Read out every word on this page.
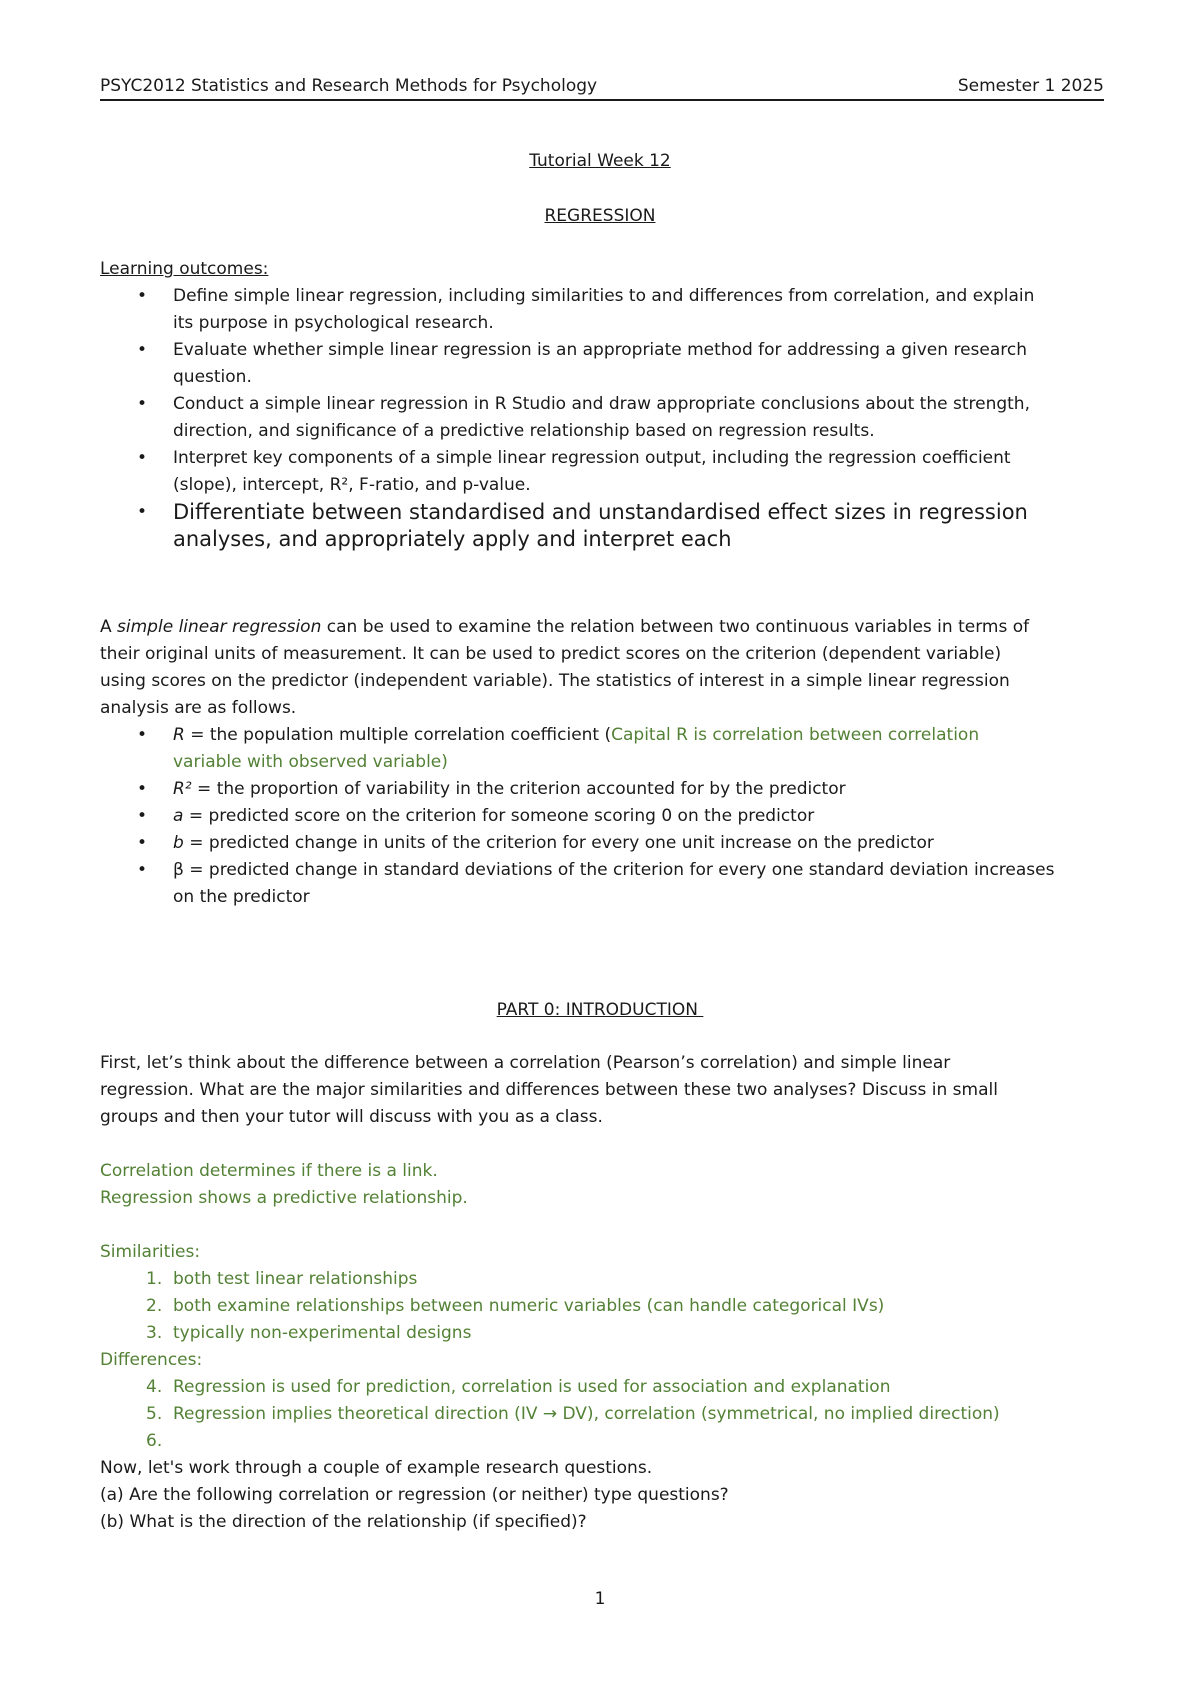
PSYC2012 Statistics and Research Methods for Psychology	Semester 1 2025
Tutorial Week 12
REGRESSION
Learning outcomes:
• Define simple linear regression, including similarities to and differences from correlation, and explain
its purpose in psychological research.
• Evaluate whether simple linear regression is an appropriate method for addressing a given research
question.
• Conduct a simple linear regression in R Studio and draw appropriate conclusions about the strength,
direction, and significance of a predictive relationship based on regression results.
• Interpret key components of a simple linear regression output, including the regression coefficient
(slope), intercept, R², F-ratio, and p-value.
• Differentiate between standardised and unstandardised effect sizes in regression
analyses, and appropriately apply and interpret each
A simple linear regression can be used to examine the relation between two continuous variables in terms of
their original units of measurement. It can be used to predict scores on the criterion (dependent variable)
using scores on the predictor (independent variable). The statistics of interest in a simple linear regression
analysis are as follows.
• R = the population multiple correlation coefficient (Capital R is correlation between correlation
variable with observed variable)
• R² = the proportion of variability in the criterion accounted for by the predictor
• a = predicted score on the criterion for someone scoring 0 on the predictor
• b = predicted change in units of the criterion for every one unit increase on the predictor
• β = predicted change in standard deviations of the criterion for every one standard deviation increases
on the predictor
PART 0: INTRODUCTION
First, let’s think about the difference between a correlation (Pearson’s correlation) and simple linear
regression. What are the major similarities and differences between these two analyses? Discuss in small
groups and then your tutor will discuss with you as a class.
Correlation determines if there is a link.
Regression shows a predictive relationship.
Similarities:
1. both test linear relationships
2. both examine relationships between numeric variables (can handle categorical IVs)
3. typically non-experimental designs
Differences:
4. Regression is used for prediction, correlation is used for association and explanation
5. Regression implies theoretical direction (IV → DV), correlation (symmetrical, no implied direction)
6.
Now, let's work through a couple of example research questions.
(a) Are the following correlation or regression (or neither) type questions?
(b) What is the direction of the relationship (if specified)?
1
